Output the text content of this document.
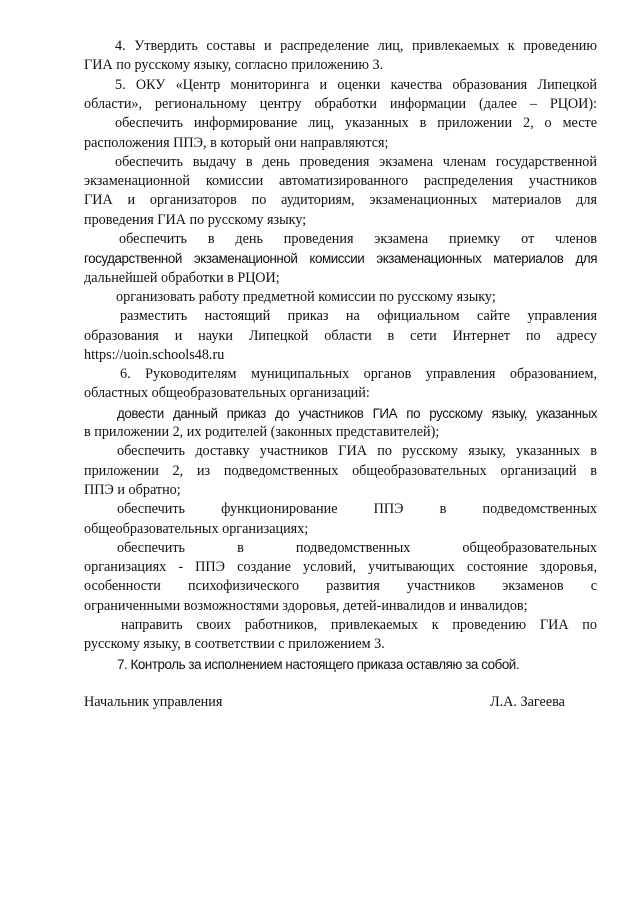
4. Утвердить составы и распределение лиц, привлекаемых к проведению

ГИА по русскому языку, согласно приложению 3.

5. ОКУ «Центр мониторинга и оценки качества образования Липецкой

области», региональному центру обработки информации (далее – РЦОИ):

обеспечить информирование лиц, указанных в приложении 2, о месте

расположения ППЭ, в который они направляются;

обеспечить выдачу в день проведения экзамена членам государственной

экзаменационной комиссии автоматизированного распределения участников

ГИА и организаторов по аудиториям, экзаменационных материалов для

проведения ГИА по русскому языку;

обеспечить в день проведения экзамена приемку от членов

государственной экзаменационной комиссии экзаменационных материалов для

дальнейшей обработки в РЦОИ;

организовать работу предметной комиссии по русскому языку;

разместить настоящий приказ на официальном сайте управления

образования и науки Липецкой области в сети Интернет по адресу

https://uoin.schools48.ru

6. Руководителям муниципальных органов управления образованием,

областных общеобразовательных организаций:

довести данный приказ до участников ГИА по русскому языку, указанных

в приложении 2, их родителей (законных представителей);

обеспечить доставку участников ГИА по русскому языку, указанных в

приложении 2, из подведомственных общеобразовательных организаций в

ППЭ и обратно;

обеспечить функционирование ППЭ в подведомственных

общеобразовательных организациях;

обеспечить в подведомственных общеобразовательных

организациях - ППЭ создание условий, учитывающих состояние здоровья,

особенности психофизического развития участников экзаменов с

ограниченными возможностями здоровья, детей-инвалидов и инвалидов;

направить своих работников, привлекаемых к проведению ГИА по

русскому языку, в соответствии с приложением 3.

7. Контроль за исполнением настоящего приказа оставляю за собой.

Начальник управления	Л.А. Загеева
